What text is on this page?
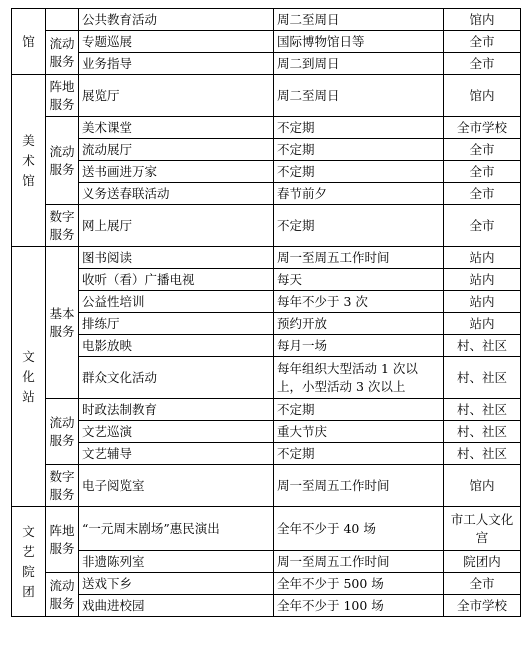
馆		公共教育活动	周二至周日	馆内
	流动服务	专题巡展	国际博物馆日等	全市
		业务指导	周二到周日	全市

美术馆	阵地服务	展览厅	周二至周日	馆内
	流动服务	美术课堂	不定期	全市学校
		流动展厅	不定期	全市
		送书画进万家	不定期	全市
		义务送春联活动	春节前夕	全市
	数字服务	网上展厅	不定期	全市

文化站	基本服务	图书阅读	周一至周五工作时间	站内
		收听（看）广播电视	每天	站内
		公益性培训	每年不少于 3 次	站内
		排练厅	预约开放	站内
		电影放映	每月一场	村、社区
		群众文化活动	每年组织大型活动 1 次以上，小型活动 3 次以上	村、社区
	流动服务	时政法制教育	不定期	村、社区
		文艺巡演	重大节庆	村、社区
		文艺辅导	不定期	村、社区
	数字服务	电子阅览室	周一至周五工作时间	馆内

文艺院团	阵地服务	“一元周末剧场”惠民演出	全年不少于 40 场	市工人文化宫
		非遗陈列室	周一至周五工作时间	院团内
	流动服务	送戏下乡	全年不少于 500 场	全市
		戏曲进校园	全年不少于 100 场	全市学校
